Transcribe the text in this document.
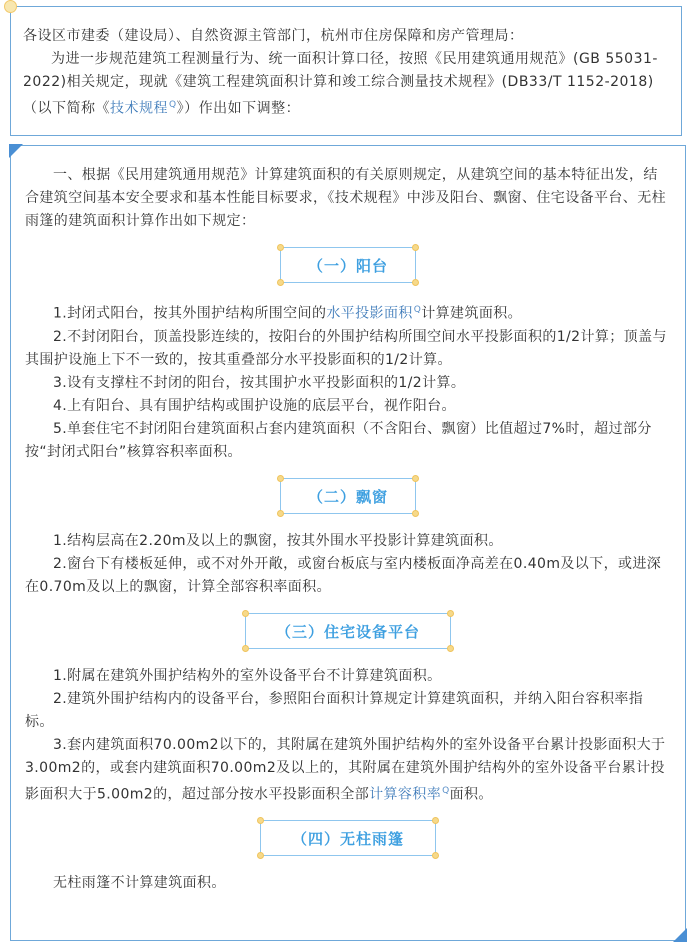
各设区市建委（建设局）、自然资源主管部门，杭州市住房保障和房产管理局：

为进一步规范建筑工程测量行为、统一面积计算口径，按照《民用建筑通用规范》(GB 55031-2022)相关规定，现就《建筑工程建筑面积计算和竣工综合测量技术规程》(DB33/T 1152-2018)（以下简称《技术规程$^Q$》）作出如下调整：

一、根据《民用建筑通用规范》计算建筑面积的有关原则规定，从建筑空间的基本特征出发，结合建筑空间基本安全要求和基本性能目标要求，《技术规程》中涉及阳台、飘窗、住宅设备平台、无柱雨篷的建筑面积计算作出如下规定：

（一）阳台

1.封闭式阳台，按其外围护结构所围空间的水平投影面积$^Q$计算建筑面积。

2.不封闭阳台，顶盖投影连续的，按阳台的外围护结构所围空间水平投影面积的1/2计算；顶盖与其围护设施上下不一致的，按其重叠部分水平投影面积的1/2计算。

3.设有支撑柱不封闭的阳台，按其围护水平投影面积的1/2计算。

4.上有阳台、具有围护结构或围护设施的底层平台，视作阳台。

5.单套住宅不封闭阳台建筑面积占套内建筑面积（不含阳台、飘窗）比值超过7%时，超过部分按“封闭式阳台”核算容积率面积。

（二）飘窗

1.结构层高在2.20m及以上的飘窗，按其外围水平投影计算建筑面积。

2.窗台下有楼板延伸，或不对外开敞，或窗台板底与室内楼板面净高差在0.40m及以下，或进深在0.70m及以上的飘窗，计算全部容积率面积。

（三）住宅设备平台

1.附属在建筑外围护结构外的室外设备平台不计算建筑面积。

2.建筑外围护结构内的设备平台，参照阳台面积计算规定计算建筑面积，并纳入阳台容积率指标。

3.套内建筑面积70.00m2以下的，其附属在建筑外围护结构外的室外设备平台累计投影面积大于3.00m2的，或套内建筑面积70.00m2及以上的，其附属在建筑外围护结构外的室外设备平台累计投影面积大于5.00m2的，超过部分按水平投影面积全部计算容积率$^Q$面积。

（四）无柱雨篷

无柱雨篷不计算建筑面积。
